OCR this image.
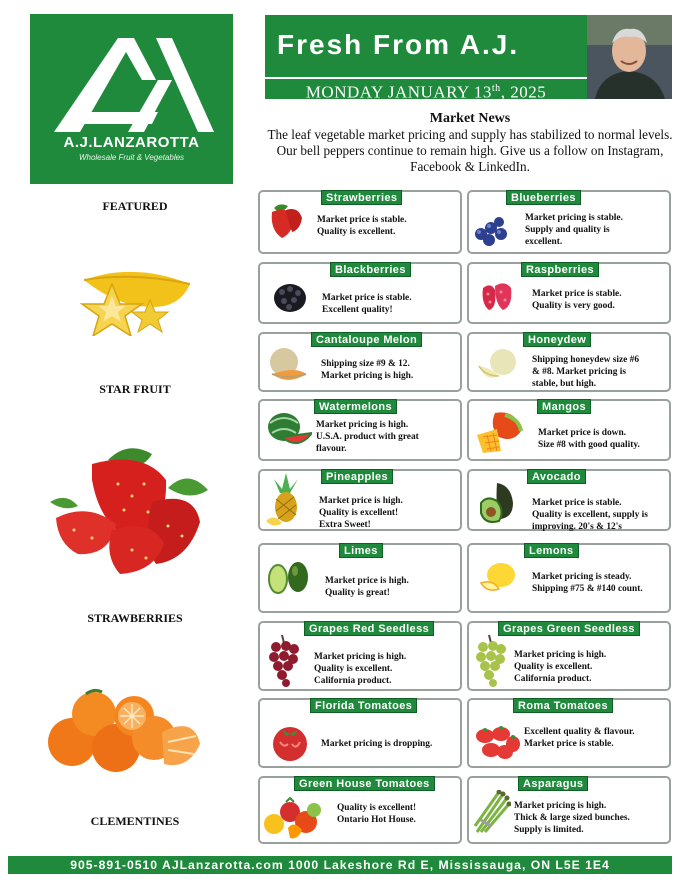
A.J.LANZAROTTA
Wholesale Fruit & Vegetables
Fresh From A.J.
MONDAY JANUARY 13th, 2025
Market News
The leaf vegetable market pricing and supply has stabilized to normal levels. Our bell peppers continue to remain high. Give us a follow on Instagram, Facebook & LinkedIn.
FEATURED
STAR FRUIT
STRAWBERRIES
CLEMENTINES
Strawberries
Market price is stable.
Quality is excellent.
Blueberries
Market pricing is stable.
Supply and quality is
excellent.
Blackberries
Market price is stable.
Excellent quality!
Raspberries
Market price is stable.
Quality is very good.
Cantaloupe Melon
Shipping size #9 & 12.
Market pricing is high.
Honeydew
Shipping honeydew size #6
& #8. Market pricing is
stable, but high.
Watermelons
Market pricing is high.
U.S.A. product with great
flavour.
Mangos
Market price is down.
Size #8 with good quality.
Pineapples
Market price is high.
Quality is excellent!
Extra Sweet!
Avocado
Market price is stable.
Quality is excellent, supply is
improving. 20's & 12's
Limes
Market price is high.
Quality is great!
Lemons
Market pricing is steady.
Shipping #75 & #140 count.
Grapes Red Seedless
Market pricing is high.
Quality is excellent.
California product.
Grapes Green Seedless
Market pricing is high.
Quality is excellent.
California product.
Florida Tomatoes
Market pricing is dropping.
Roma Tomatoes
Excellent quality & flavour.
Market price is stable.
Green House Tomatoes
Quality is excellent!
Ontario Hot House.
Asparagus
Market pricing is high.
Thick & large sized bunches.
Supply is limited.
905-891-0510 AJLanzarotta.com 1000 Lakeshore Rd E, Mississauga, ON L5E 1E4
